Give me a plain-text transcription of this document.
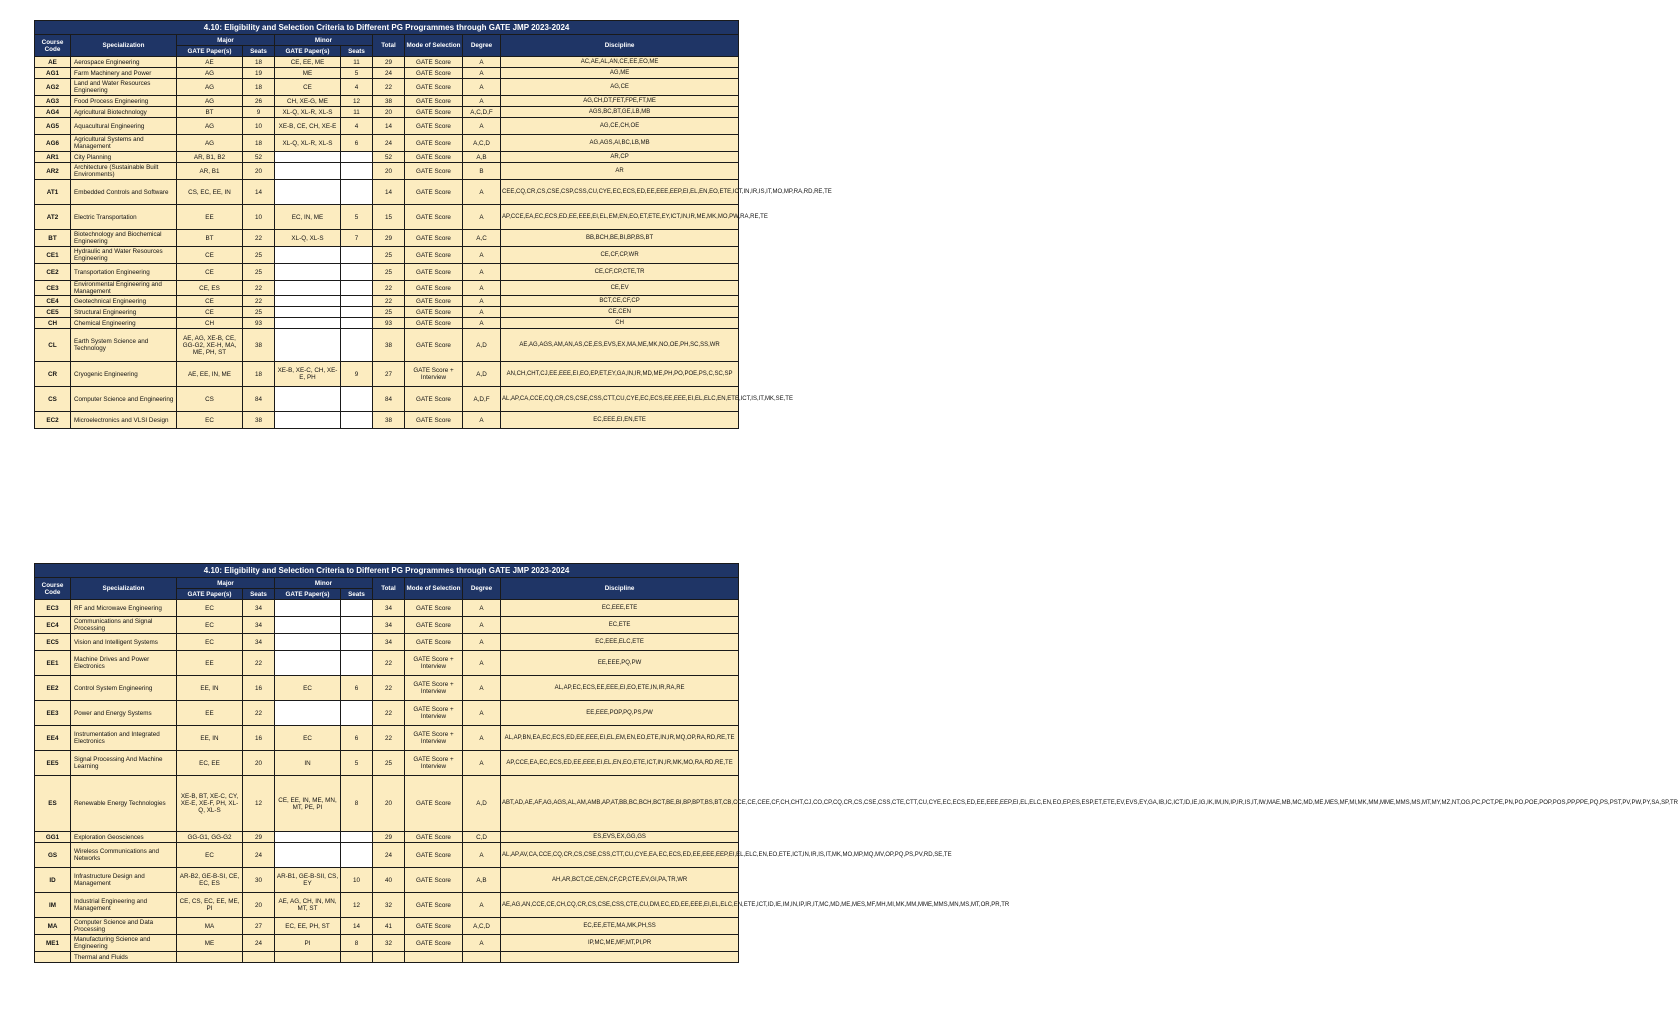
4.10: Eligibility and Selection Criteria to Different PG Programmes through GATE JMP 2023-2024									
Course Code	Specialization	Major		Minor		Total	Mode of Selection	Degree	Discipline
		GATE Paper(s)	Seats	GATE Paper(s)	Seats				
AE	Aerospace Engineering	AE	18	CE, EE, ME	11	29	GATE Score	A	AC,AE,AL,AN,CE,EE,EO,ME
AG1	Farm Machinery and Power	AG	19	ME	5	24	GATE Score	A	AG,ME
AG2	Land and Water Resources Engineering	AG	18	CE	4	22	GATE Score	A	AG,CE
AG3	Food Process Engineering	AG	26	CH, XE-G, ME	12	38	GATE Score	A	AG,CH,DT,FET,FPE,FT,ME
AG4	Agricultural Biotechnology	BT	9	XL-Q, XL-R, XL-S	11	20	GATE Score	A,C,D,F	AGS,BC,BT,GE,LB,MB
AG5	Aquacultural Engineering	AG	10	XE-B, CE, CH, XE-E	4	14	GATE Score	A	AG,CE,CH,OE
AG6	Agricultural Systems and Management	AG	18	XL-Q, XL-R, XL-S	6	24	GATE Score	A,C,D	AG,AGS,AI,BC,LB,MB
AR1	City Planning	AR, B1, B2	52			52	GATE Score	A,B	AR,CP
AR2	Architecture (Sustainable Built Environments)	AR, B1	20			20	GATE Score	B	AR
AT1	Embedded Controls and Software	CS, EC, EE, IN	14			14	GATE Score	A	CEE,CQ,CR,CS,CSE,CSP,CSS,CU,CYE,EC,ECS,ED,EE,EEE,EEP,EI,EL,EN,EO,ETE,ICT,IN,IR,IS,IT,MO,MP,RA,RD,RE,TE
AT2	Electric Transportation	EE	10	EC, IN, ME	5	15	GATE Score	A	AP,CCE,EA,EC,ECS,ED,EE,EEE,EI,EL,EM,EN,EO,ET,ETE,EY,ICT,IN,IR,ME,MK,MO,PW,RA,RE,TE
BT	Biotechnology and Biochemical Engineering	BT	22	XL-Q, XL-S	7	29	GATE Score	A,C	BB,BCH,BE,BI,BP,BS,BT
CE1	Hydraulic and Water Resources Engineering	CE	25			25	GATE Score	A	CE,CF,CP,WR
CE2	Transportation Engineering	CE	25			25	GATE Score	A	CE,CF,CP,CTE,TR
CE3	Environmental Engineering and Management	CE, ES	22			22	GATE Score	A	CE,EV
CE4	Geotechnical Engineering	CE	22			22	GATE Score	A	BCT,CE,CF,CP
CE5	Structural Engineering	CE	25			25	GATE Score	A	CE,CEN
CH	Chemical Engineering	CH	93			93	GATE Score	A	CH
CL	Earth System Science and Technology	AE, AG, XE-B, CE, GG-G2, XE-H, MA, ME, PH, ST	38			38	GATE Score	A,D	AE,AG,AGS,AM,AN,AS,CE,ES,EVS,EX,MA,ME,MK,NO,OE,PH,SC,SS,WR
CR	Cryogenic Engineering	AE, EE, IN, ME	18	XE-B, XE-C, CH, XE-E, PH	9	27	GATE Score + Interview	A,D	AN,CH,CHT,CJ,EE,EEE,EI,EO,EP,ET,EY,GA,IN,IR,MD,ME,PH,PO,POE,PS,C,SC,SP
CS	Computer Science and Engineering	CS	84			84	GATE Score	A,D,F	AL,AP,CA,CCE,CQ,CR,CS,CSE,CSS,CTT,CU,CYE,EC,ECS,EE,EEE,EI,EL,ELC,EN,ETE,ICT,IS,IT,MK,SE,TE
EC2	Microelectronics and VLSI Design	EC	38			38	GATE Score	A	EC,EEE,EI,EN,ETE
4.10: Eligibility and Selection Criteria to Different PG Programmes through GATE JMP 2023-2024									
Course Code	Specialization	Major		Minor		Total	Mode of Selection	Degree	Discipline
		GATE Paper(s)	Seats	GATE Paper(s)	Seats				
EC3	RF and Microwave Engineering	EC	34			34	GATE Score	A	EC,EEE,ETE
EC4	Communications and Signal Processing	EC	34			34	GATE Score	A	EC,ETE
EC5	Vision and Intelligent Systems	EC	34			34	GATE Score	A	EC,EEE,ELC,ETE
EE1	Machine Drives and Power Electronics	EE	22			22	GATE Score + Interview	A	EE,EEE,PQ,PW
EE2	Control System Engineering	EE, IN	16	EC	6	22	GATE Score + Interview	A	AL,AP,EC,ECS,EE,EEE,EI,EO,ETE,IN,IR,RA,RE
EE3	Power and Energy Systems	EE	22			22	GATE Score + Interview	A	EE,EEE,POP,PQ,PS,PW
EE4	Instrumentation and Integrated Electronics	EE, IN	16	EC	6	22	GATE Score + Interview	A	AL,AP,BN,EA,EC,ECS,ED,EE,EEE,EI,EL,EM,EN,EO,ETE,IN,IR,MQ,OP,RA,RD,RE,TE
EE5	Signal Processing And Machine Learning	EC, EE	20	IN	5	25	GATE Score + Interview	A	AP,CCE,EA,EC,ECS,ED,EE,EEE,EI,EL,EN,EO,ETE,ICT,IN,IR,MK,MO,RA,RD,RE,TE
ES	Renewable Energy Technologies	XE-B, BT, XE-C, CY, XE-E, XE-F, PH, XL-Q, XL-S	12	CE, EE, IN, ME, MN, MT, PE, PI	8	20	GATE Score	A,D	ABT,AD,AE,AF,AG,AGS,AL,AM,AMB,AP,AT,BB,BC,BCH,BCT,BE,BI,BP,BPT,BS,BT,CB,CCE,CE,CEE,CF,CH,CHT,CJ,CO,CP,CQ,CR,CS,CSE,CSS,CTE,CTT,CU,CYE,EC,ECS,ED,EE,EEE,EEP,EI,EL,ELC,EN,EO,EP,ES,ESP,ET,ETE,EV,EVS,EY,GA,IB,IC,ICT,ID,IE,IG,IK,IM,IN,IP,IR,IS,IT,IW,MAE,MB,MC,MD,ME,MES,MF,MI,MK,MM,MME,MMS,MS,MT,MY,MZ,NT,OG,PC,PCT,PE,PN,PO,POE,POP,POS,PP,PPE,PQ,PS,PST,PV,PW,PY,SA,SP,TR
GG1	Exploration Geosciences	GG-G1, GG-G2	29			29	GATE Score	C,D	ES,EVS,EX,GG,GS
GS	Wireless Communications and Networks	EC	24			24	GATE Score	A	AL,AP,AV,CA,CCE,CQ,CR,CS,CSE,CSS,CTT,CU,CYE,EA,EC,ECS,ED,EE,EEE,EEP,EI,EL,ELC,EN,EO,ETE,ICT,IN,IR,IS,IT,MK,MO,MP,MQ,MV,OP,PQ,PS,PV,RD,SE,TE
ID	Infrastructure Design and Management	AR-B2, GE-B-SI, CE, EC, ES	30	AR-B1, GE-B-SII, CS, EY	10	40	GATE Score	A,B	AH,AR,BCT,CE,CEN,CF,CP,CTE,EV,GI,PA,TR,WR
IM	Industrial Engineering and Management	CE, CS, EC, EE, ME, PI	20	AE, AG, CH, IN, MN, MT, ST	12	32	GATE Score	A	AE,AG,AN,CCE,CE,CH,CQ,CR,CS,CSE,CSS,CTE,CU,DM,EC,ED,EE,EEE,EI,EL,ELC,EN,ETE,ICT,ID,IE,IM,IN,IP,IR,IT,MC,MD,ME,MES,MF,MH,MI,MK,MM,MME,MMS,MN,MS,MT,OR,PR,TR
MA	Computer Science and Data Processing	MA	27	EC, EE, PH, ST	14	41	GATE Score	A,C,D	EC,EE,ETE,MA,MK,PH,SS
ME1	Manufacturing Science and Engineering	ME	24	PI	8	32	GATE Score	A	IP,MC,ME,MF,MT,PI,PR
	Thermal and Fluids								
